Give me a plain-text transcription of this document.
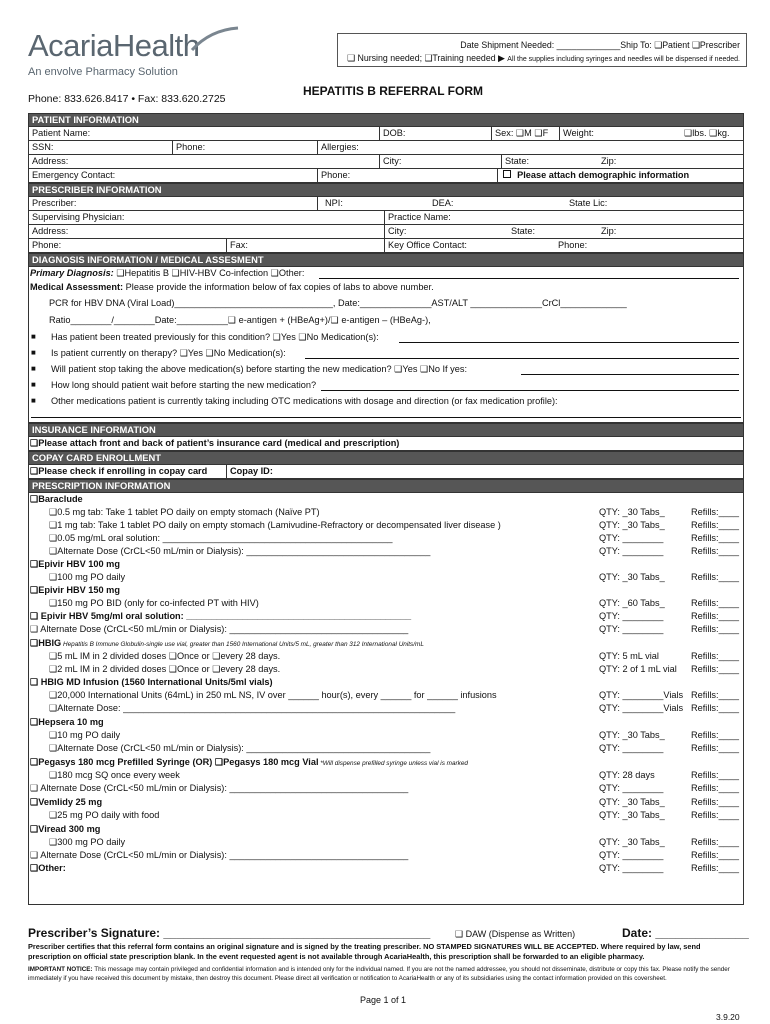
AcariaHealth
An envolve Pharmacy Solution
Phone: 833.626.8417 • Fax: 833.620.2725
Date Shipment Needed: _____________Ship To: ❑Patient ❑Prescriber
❑ Nursing needed; ❑Training needed ▶ All the supplies including syringes and needles will be dispensed if needed.
HEPATITIS B REFERRAL FORM
PATIENT INFORMATION
Patient Name:	DOB:	Sex: ❑M ❑F Weight:	❑lbs. ❑kg.
SSN:	Phone:	Allergies:
Address:	City:	State:	Zip:
Emergency Contact:	Phone:	Please attach demographic information
PRESCRIBER INFORMATION
Prescriber:	NPI:	DEA:	State Lic:
Supervising Physician:	Practice Name:
Address:	City:	State:	Zip:
Phone:	Fax:	Key Office Contact:	Phone:
DIAGNOSIS INFORMATION / MEDICAL ASSESMENT
Primary Diagnosis: ❑Hepatitis B ❑HIV-HBV Co-infection ❑Other:
Medical Assessment: Please provide the information below of fax copies of labs to above number.
PCR for HBV DNA (Viral Load)_______________________________, Date:______________AST/ALT ______________CrCl_____________
Ratio________/________Date:__________❑ e-antigen + (HBeAg+)/❑ e-antigen – (HBeAg-),
■ Has patient been treated previously for this condition? ❑Yes ❑No Medication(s):
■ Is patient currently on therapy? ❑Yes ❑No Medication(s):
■ Will patient stop taking the above medication(s) before starting the new medication? ❑Yes ❑No If yes:
■ How long should patient wait before starting the new medication?
■ Other medications patient is currently taking including OTC medications with dosage and direction (or fax medication profile):
INSURANCE INFORMATION
❑Please attach front and back of patient’s insurance card (medical and prescription)
COPAY CARD ENROLLMENT
❑Please check if enrolling in copay card Copay ID:
PRESCRIPTION INFORMATION
❑Baraclude
❑0.5 mg tab: Take 1 tablet PO daily on empty stomach (Naïve PT)	QTY: _30 Tabs_	Refills:____
❑1 mg tab: Take 1 tablet PO daily on empty stomach (Lamivudine-Refractory or decompensated liver disease )	QTY: _30 Tabs_	Refills:____
❑0.05 mg/mL oral solution: _____________________________________________	QTY: ________	Refills:____
❑Alternate Dose (CrCL<50 mL/min or Dialysis): ____________________________________	QTY: ________	Refills:____
❑Epivir HBV 100 mg
❑100 mg PO daily	QTY: _30 Tabs_	Refills:____
❑Epivir HBV 150 mg
❑150 mg PO BID (only for co-infected PT with HIV)	QTY: _60 Tabs_	Refills:____
❑ Epivir HBV 5mg/ml oral solution: ____________________________________________	QTY: ________	Refills:____
❑ Alternate Dose (CrCL<50 mL/min or Dialysis): ___________________________________	QTY: ________	Refills:____
❑HBIG Hepatitis B Immune Globulin-single use vial, greater than 1560 International Units/5 mL, greater than 312 International Units/mL
❑5 mL IM in 2 divided doses ❑Once or ❑every 28 days.	QTY: 5 mL vial	Refills:____
❑2 mL IM in 2 divided doses ❑Once or ❑every 28 days.	QTY: 2 of 1 mL vial Refills:____
❑ HBIG MD Infusion (1560 International Units/5ml vials)
❑20,000 International Units (64mL) in 250 mL NS, IV over ______ hour(s), every ______ for ______ infusions	QTY: ________Vials Refills:____
❑Alternate Dose: _________________________________________________________________	QTY: ________Vials Refills:____
❑Hepsera 10 mg
❑10 mg PO daily	QTY: _30 Tabs_	Refills:____
❑Alternate Dose (CrCL<50 mL/min or Dialysis): ____________________________________	QTY: ________	Refills:____
❑Pegasys 180 mcg Prefilled Syringe (OR) ❑Pegasys 180 mcg Vial *Will dispense prefilled syringe unless vial is marked
❑180 mcg SQ once every week	QTY: 28 days	Refills:____
❑ Alternate Dose (CrCL<50 mL/min or Dialysis): ___________________________________	QTY: ________	Refills:____
❑Vemlidy 25 mg	QTY: _30 Tabs_	Refills:____
❑25 mg PO daily with food	QTY: _30 Tabs_	Refills:____
❑Viread 300 mg
❑300 mg PO daily	QTY: _30 Tabs_	Refills:____
❑ Alternate Dose (CrCL<50 mL/min or Dialysis): ___________________________________	QTY: ________	Refills:____
❑Other:	QTY: ________	Refills:____
Prescriber’s Signature: ________________________________________	❑ DAW (Dispense as Written)	Date: ______________
Prescriber certifies that this referral form contains an original signature and is signed by the treating prescriber. NO STAMPED SIGNATURES WILL BE ACCEPTED. Where required by law, send prescription on official state prescription blank. In the event requested agent is not available through AcariaHealth, this prescription shall be forwarded to an eligible pharmacy.
IMPORTANT NOTICE: This message may contain privileged and confidential information and is intended only for the individual named. If you are not the named addressee, you should not disseminate, distribute or copy this fax. Please notify the sender immediately if you have received this document by mistake, then destroy this document. Please direct all verification or notification to AcariaHealth or any of its subsidiaries using the contact information provided on this coversheet.
Page 1 of 1
3.9.20
